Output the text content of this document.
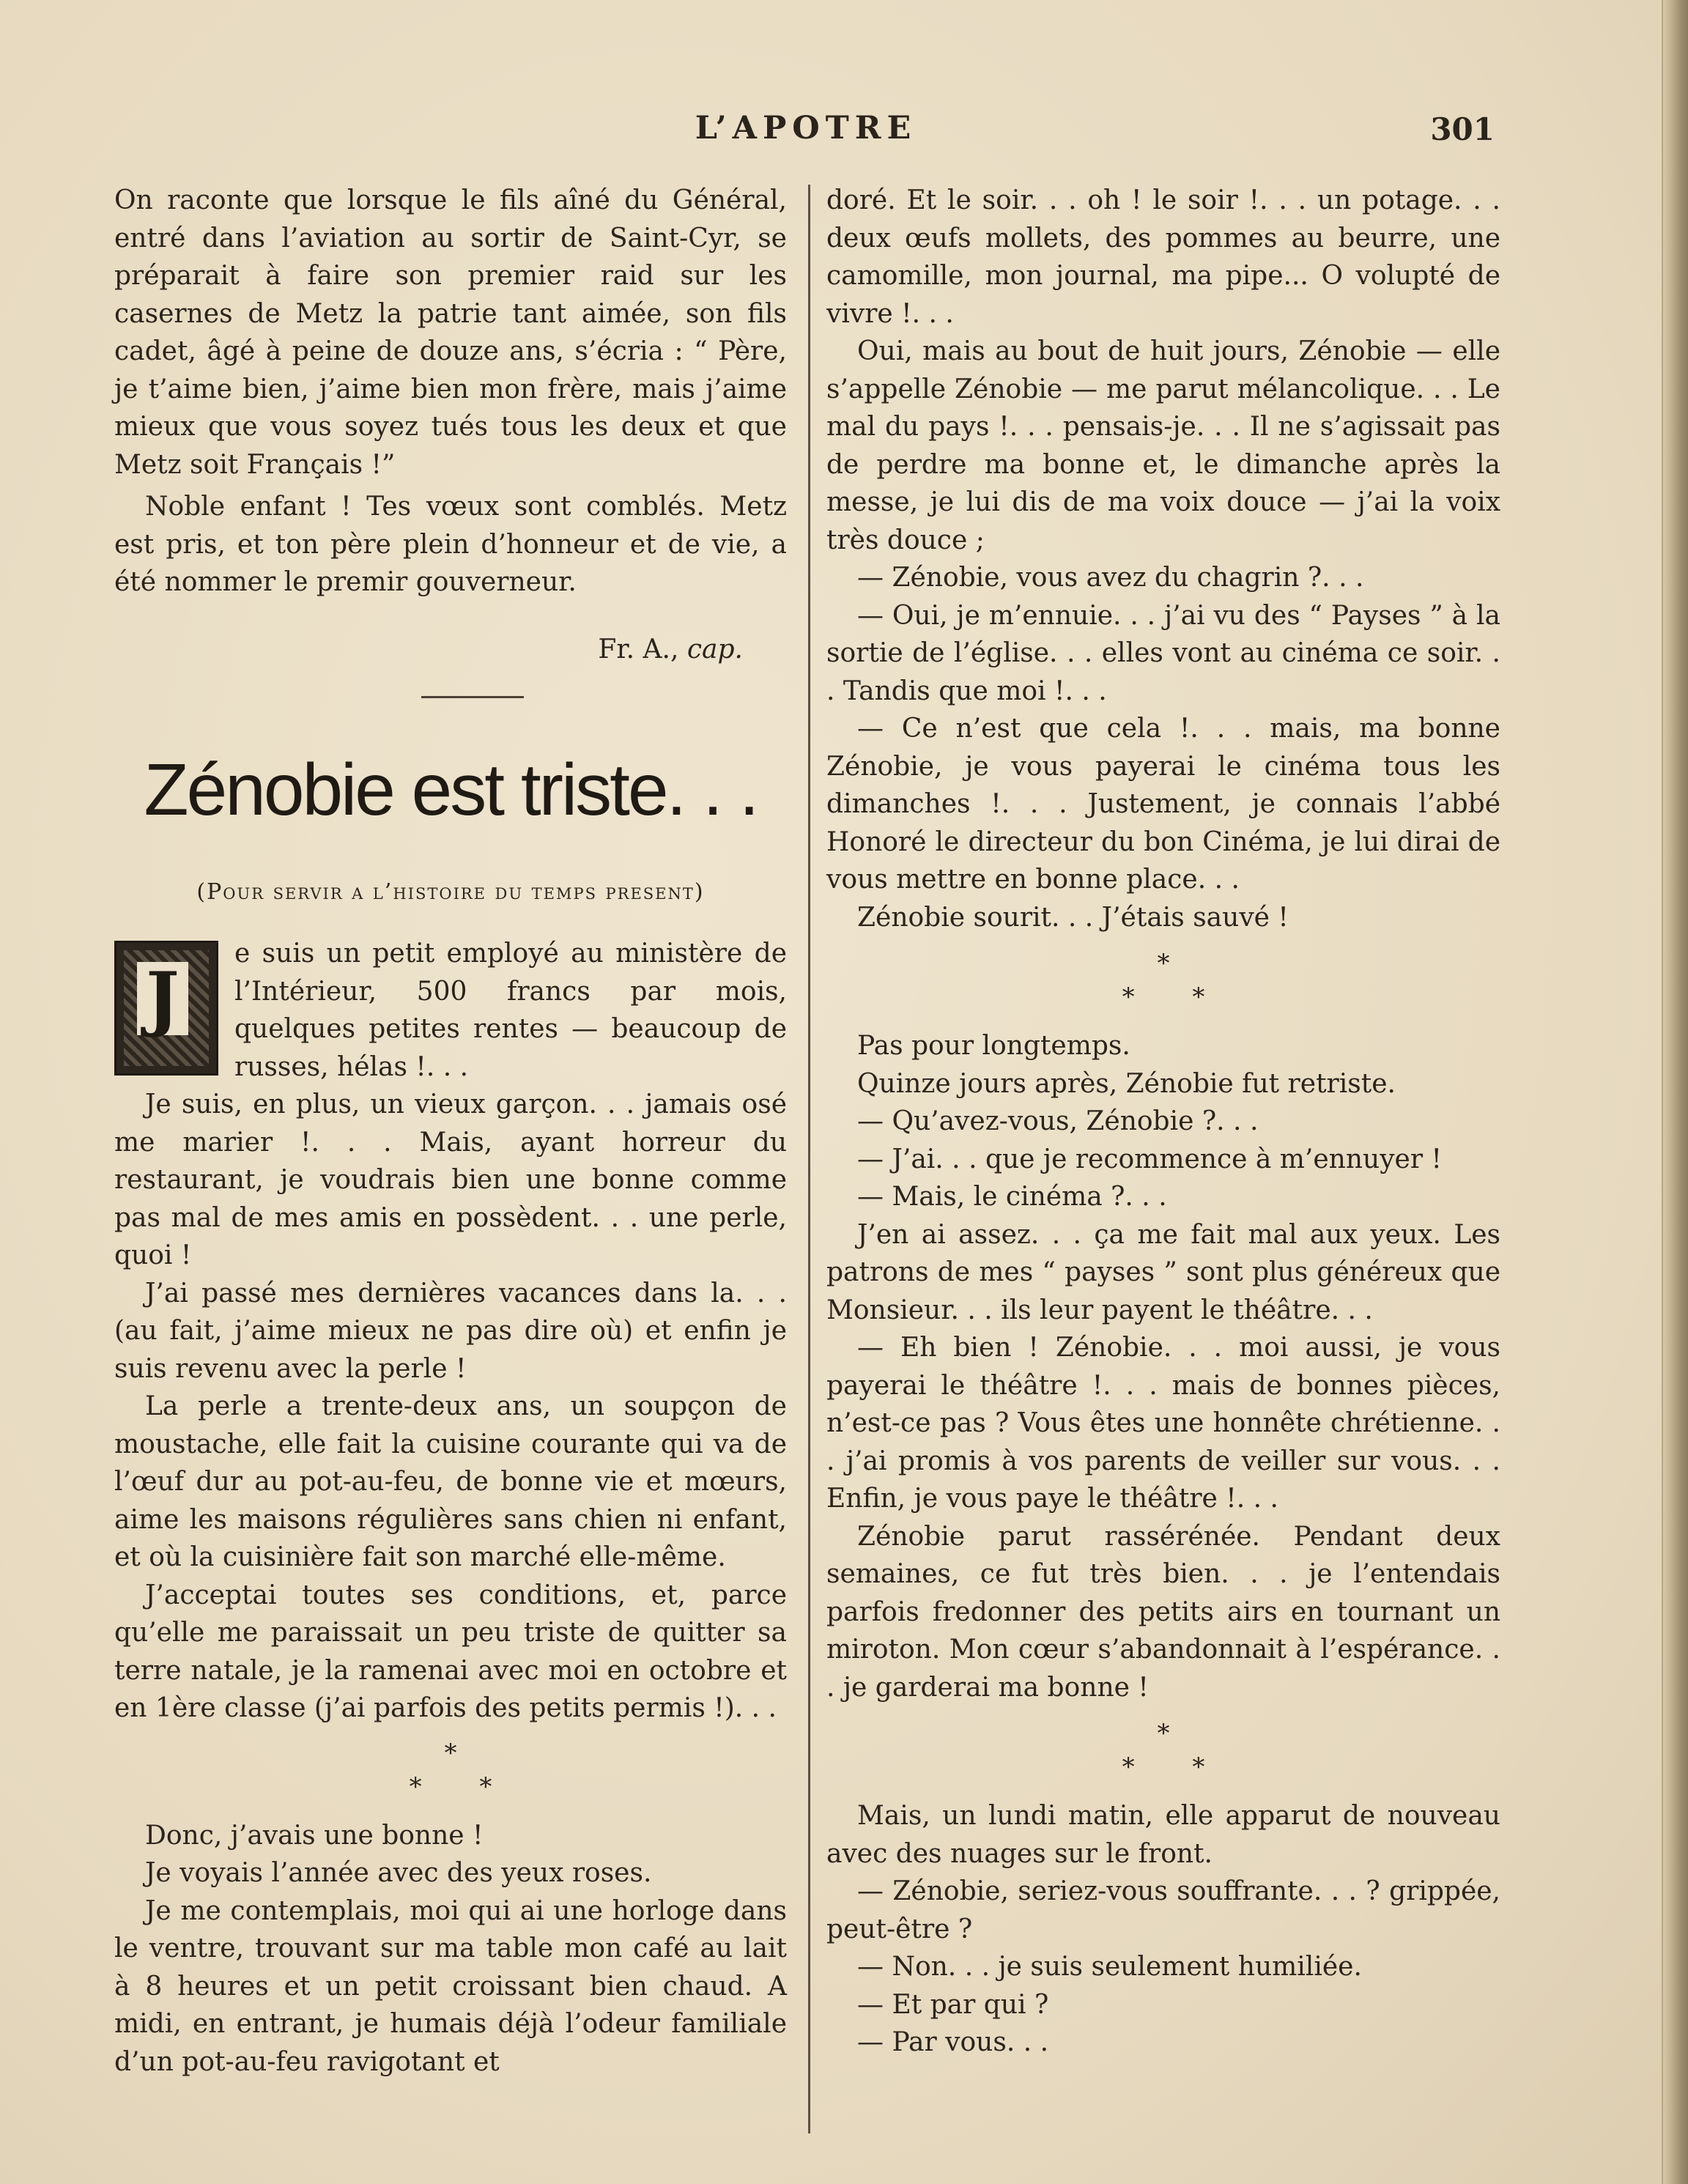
L’APOTRE	301

On raconte que lorsque le fils aîné du Général, entré dans l’aviation au sortir de Saint-Cyr, se préparait à faire son premier raid sur les casernes de Metz la patrie tant aimée, son fils cadet, âgé à peine de douze ans, s’écria : “ Père, je t’aime bien, j’aime bien mon frère, mais j’aime mieux que vous soyez tués tous les deux et que Metz soit Français !”

Noble enfant ! Tes vœux sont comblés. Metz est pris, et ton père plein d’honneur et de vie, a été nommer le premir gouverneur.

Fr. A., cap.
Zénobie est triste. . .
(Pour servir a l’histoire du temps present)
J

e suis un petit employé au ministère de l’Intérieur, 500 francs par mois, quelques petites rentes — beaucoup de russes, hélas !. . .

Je suis, en plus, un vieux garçon. . . jamais osé me marier !. . . Mais, ayant horreur du restaurant, je voudrais bien une bonne comme pas mal de mes amis en possèdent. . . une perle, quoi !

J’ai passé mes dernières vacances dans la. . . (au fait, j’aime mieux ne pas dire où) et enfin je suis revenu avec la perle !

La perle a trente-deux ans, un soupçon de moustache, elle fait la cuisine courante qui va de l’œuf dur au pot-au-feu, de bonne vie et mœurs, aime les maisons régulières sans chien ni enfant, et où la cuisinière fait son marché elle-même.

J’acceptai toutes ses conditions, et, parce qu’elle me paraissait un peu triste de quitter sa terre natale, je la ramenai avec moi en octobre et en 1ère classe (j’ai parfois des petits permis !). . .

*
* *

Donc, j’avais une bonne !

Je voyais l’année avec des yeux roses.

Je me contemplais, moi qui ai une horloge dans le ventre, trouvant sur ma table mon café au lait à 8 heures et un petit croissant bien chaud. A midi, en entrant, je humais déjà l’odeur familiale d’un pot-au-feu ravigotant et

doré. Et le soir. . . oh ! le soir !. . . un potage. . . deux œufs mollets, des pommes au beurre, une camomille, mon journal, ma pipe... O volupté de vivre !. . .

Oui, mais au bout de huit jours, Zénobie — elle s’appelle Zénobie — me parut mélancolique. . . Le mal du pays !. . . pensais-je. . . Il ne s’agissait pas de perdre ma bonne et, le dimanche après la messe, je lui dis de ma voix douce — j’ai la voix très douce ;

— Zénobie, vous avez du chagrin ?. . .

— Oui, je m’ennuie. . . j’ai vu des “ Payses ” à la sortie de l’église. . . elles vont au cinéma ce soir. . . Tandis que moi !. . .

— Ce n’est que cela !. . . mais, ma bonne Zénobie, je vous payerai le cinéma tous les dimanches !. . . Justement, je connais l’abbé Honoré le directeur du bon Cinéma, je lui dirai de vous mettre en bonne place. . .

Zénobie sourit. . . J’étais sauvé !

*
* *

Pas pour longtemps.

Quinze jours après, Zénobie fut retriste.

— Qu’avez-vous, Zénobie ?. . .

— J’ai. . . que je recommence à m’ennuyer !

— Mais, le cinéma ?. . .

J’en ai assez. . . ça me fait mal aux yeux. Les patrons de mes “ payses ” sont plus généreux que Monsieur. . . ils leur payent le théâtre. . .

— Eh bien ! Zénobie. . . moi aussi, je vous payerai le théâtre !. . . mais de bonnes pièces, n’est-ce pas ? Vous êtes une honnête chrétienne. . . j’ai promis à vos parents de veiller sur vous. . . Enfin, je vous paye le théâtre !. . .

Zénobie parut rassérénée. Pendant deux semaines, ce fut très bien. . . je l’entendais parfois fredonner des petits airs en tournant un miroton. Mon cœur s’abandonnait à l’espérance. . . je garderai ma bonne !

*
* *

Mais, un lundi matin, elle apparut de nouveau avec des nuages sur le front.

— Zénobie, seriez-vous souffrante. . . ? grippée, peut-être ?

— Non. . . je suis seulement humiliée.

— Et par qui ?

— Par vous. . .
